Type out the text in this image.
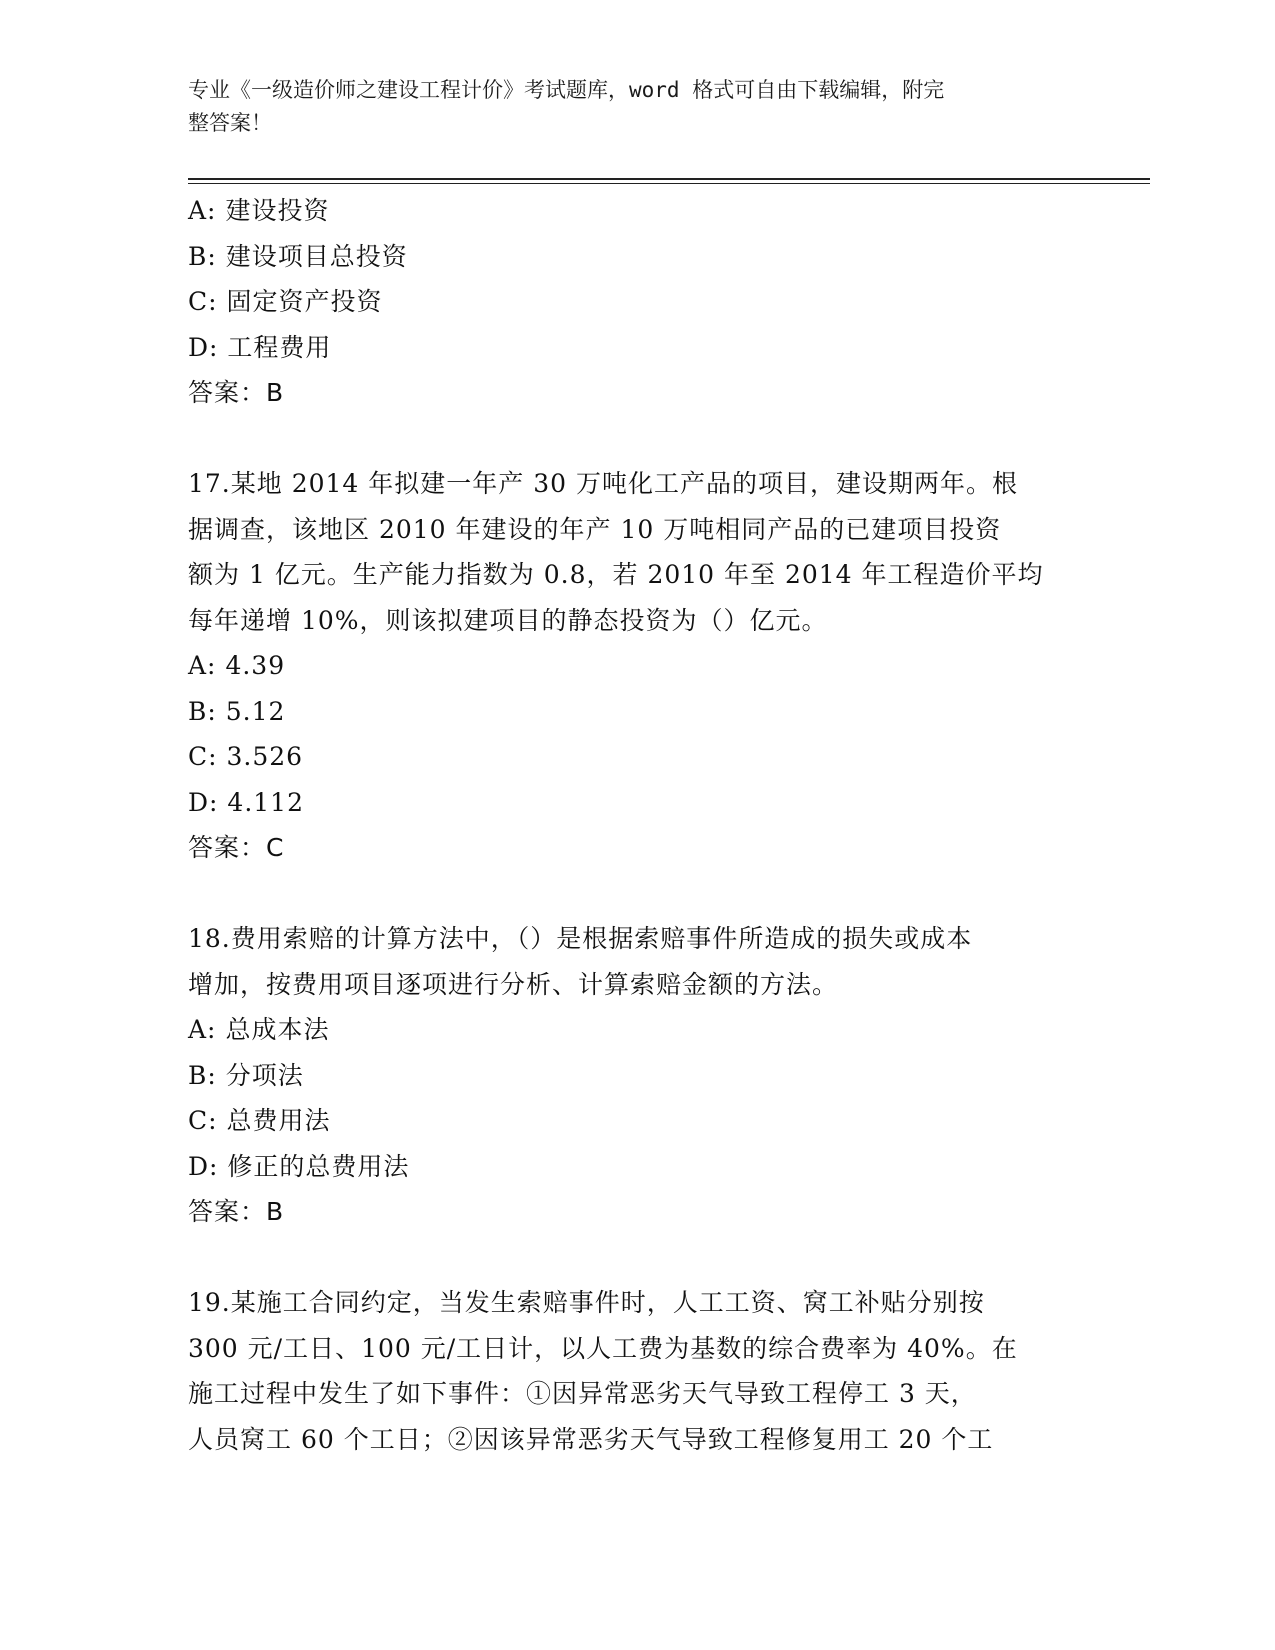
专业《一级造价师之建设工程计价》考试题库，word 格式可自由下载编辑，附完
整答案！
A: 建设投资
B: 建设项目总投资
C: 固定资产投资
D: 工程费用
答案：B
17.某地 2014 年拟建一年产 30 万吨化工产品的项目，建设期两年。根
据调查，该地区 2010 年建设的年产 10 万吨相同产品的已建项目投资
额为 1 亿元。生产能力指数为 0.8，若 2010 年至 2014 年工程造价平均
每年递增 10%，则该拟建项目的静态投资为（）亿元。
A: 4.39
B: 5.12
C: 3.526
D: 4.112
答案：C
18.费用索赔的计算方法中，（）是根据索赔事件所造成的损失或成本
增加，按费用项目逐项进行分析、计算索赔金额的方法。
A: 总成本法
B: 分项法
C: 总费用法
D: 修正的总费用法
答案：B
19.某施工合同约定，当发生索赔事件时，人工工资、窝工补贴分别按
300 元/工日、100 元/工日计，以人工费为基数的综合费率为 40%。在
施工过程中发生了如下事件：①因异常恶劣天气导致工程停工 3 天，
人员窝工 60 个工日；②因该异常恶劣天气导致工程修复用工 20 个工
